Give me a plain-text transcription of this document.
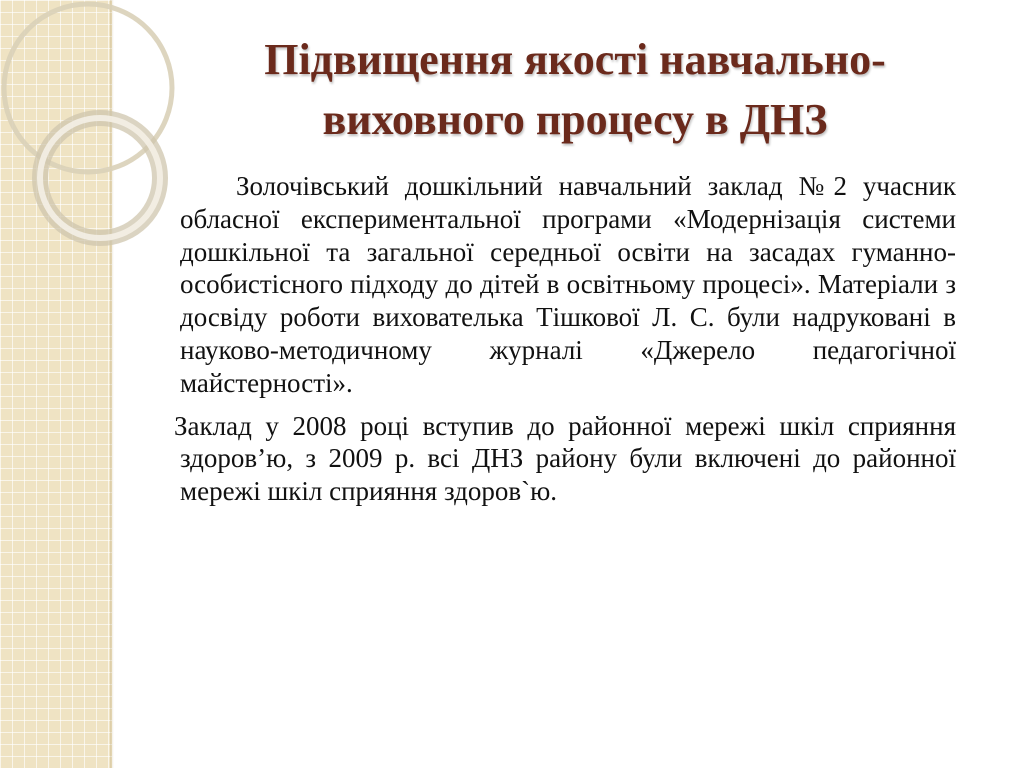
Підвищення якості навчально-
виховного процесу в ДНЗ

Золочівський дошкільний навчальний заклад №2 учасник обласної експериментальної програми «Модернізація системи дошкільної та загальної середньої освіти на засадах гуманно-особистісного підходу до дітей в освітньому процесі». Матеріали з досвіду роботи вихователька Тішкової Л. С. були надруковані в науково-методичному журналі «Джерело педагогічної майстерності».

Заклад у 2008 році вступив до районної мережі шкіл сприяння здоров’ю, з 2009 р. всі ДНЗ району були включені до районної мережі шкіл сприяння здоров`ю.
